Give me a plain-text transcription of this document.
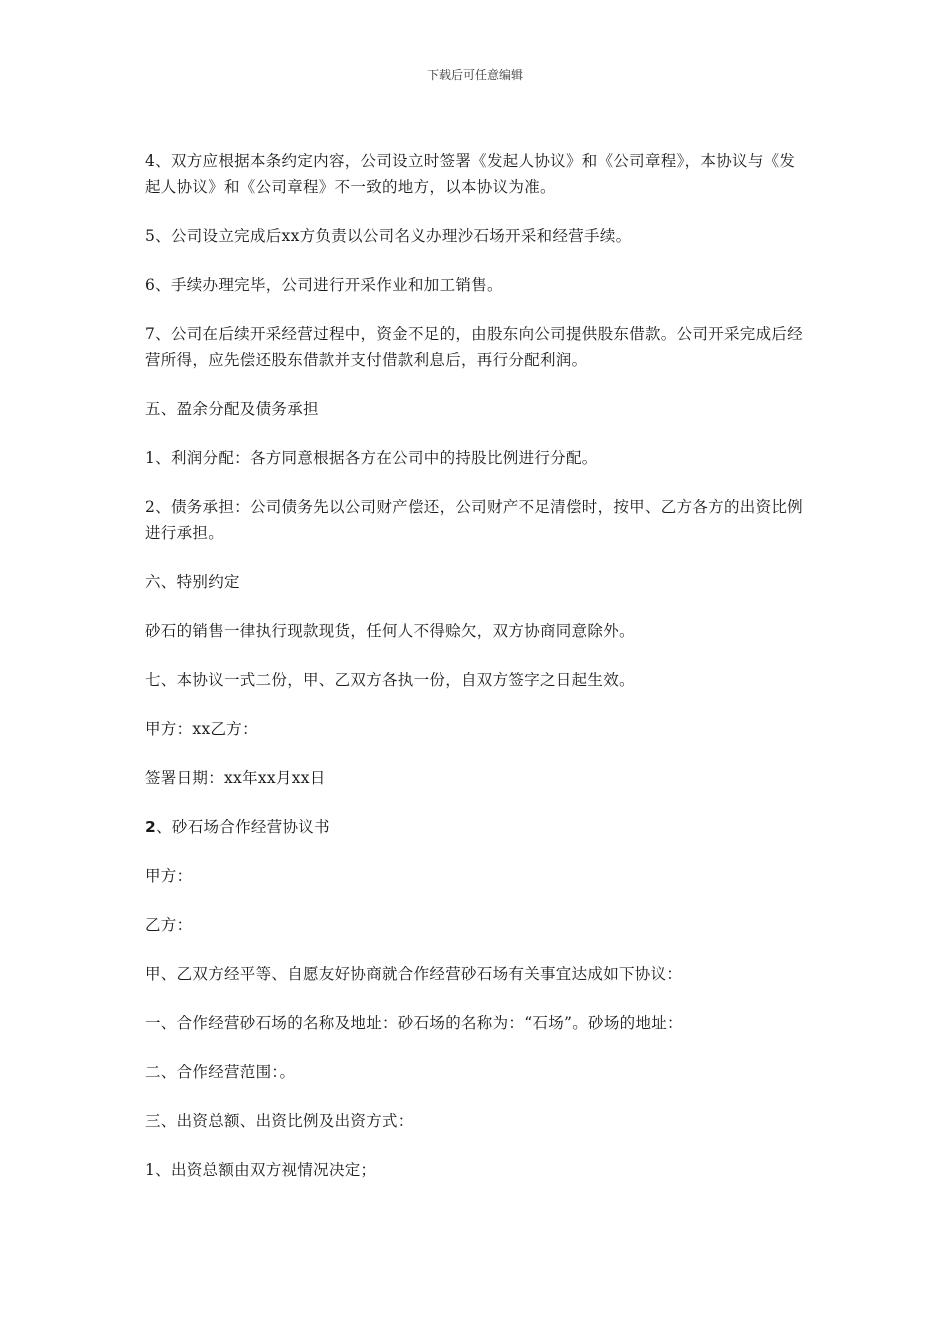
下载后可任意编辑

4、双方应根据本条约定内容，公司设立时签署《发起人协议》和《公司章程》，本协议与《发起人协议》和《公司章程》不一致的地方，以本协议为准。

5、公司设立完成后xx方负责以公司名义办理沙石场开采和经营手续。

6、手续办理完毕，公司进行开采作业和加工销售。

7、公司在后续开采经营过程中，资金不足的，由股东向公司提供股东借款。公司开采完成后经营所得，应先偿还股东借款并支付借款利息后，再行分配利润。

五、盈余分配及债务承担

1、利润分配：各方同意根据各方在公司中的持股比例进行分配。

2、债务承担：公司债务先以公司财产偿还，公司财产不足清偿时，按甲、乙方各方的出资比例进行承担。

六、特别约定

砂石的销售一律执行现款现货，任何人不得赊欠，双方协商同意除外。

七、本协议一式二份，甲、乙双方各执一份，自双方签字之日起生效。

甲方：xx乙方：

签署日期：xx年xx月xx日

2、砂石场合作经营协议书

甲方：

乙方：

甲、乙双方经平等、自愿友好协商就合作经营砂石场有关事宜达成如下协议：

一、合作经营砂石场的名称及地址：砂石场的名称为：“石场”。砂场的地址：

二、合作经营范围：。

三、出资总额、出资比例及出资方式：

1、出资总额由双方视情况决定；
